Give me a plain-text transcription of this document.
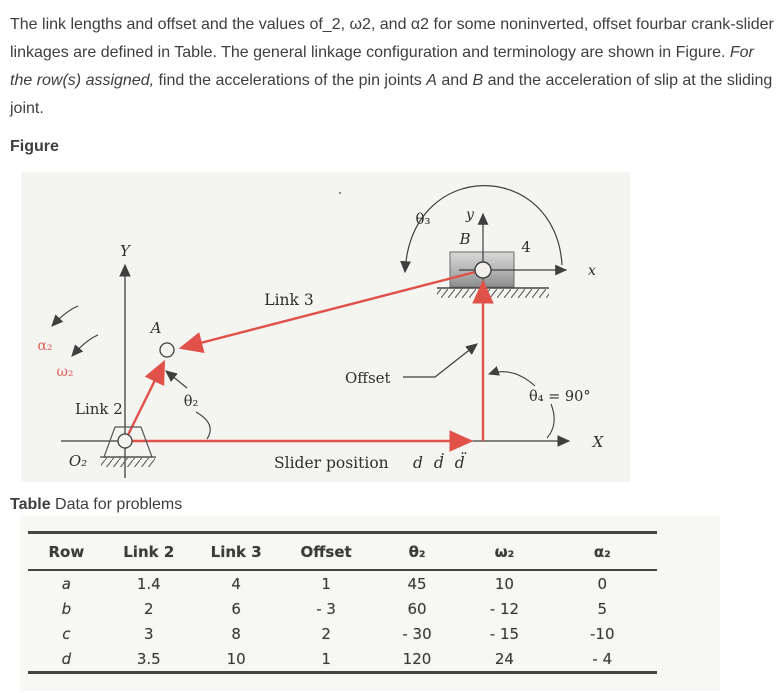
The link lengths and offset and the values of_2, ω2, and α2 for some noninverted, offset fourbar crank-slider linkages are defined in Table. The general linkage configuration and terminology are shown in Figure. For the row(s) assigned, find the accelerations of the pin joints A and B and the acceleration of slip at the sliding joint.

Figure
Y
X
y
x
θ₃
B	4
Link 3
A
α₂
ω₂
θ₂
Link 2
O₂
Offset
θ₄ = 90°
Slider position d ḋ d̈
Table Data for problems
Row	Link 2	Link 3	Offset	θ₂	ω₂	α₂
a	1.4	4	1	45	10	0
b	2	6	- 3	60	- 12	5
c	3	8	2	- 30	- 15	-10
d	3.5	10	1	120	24	- 4
